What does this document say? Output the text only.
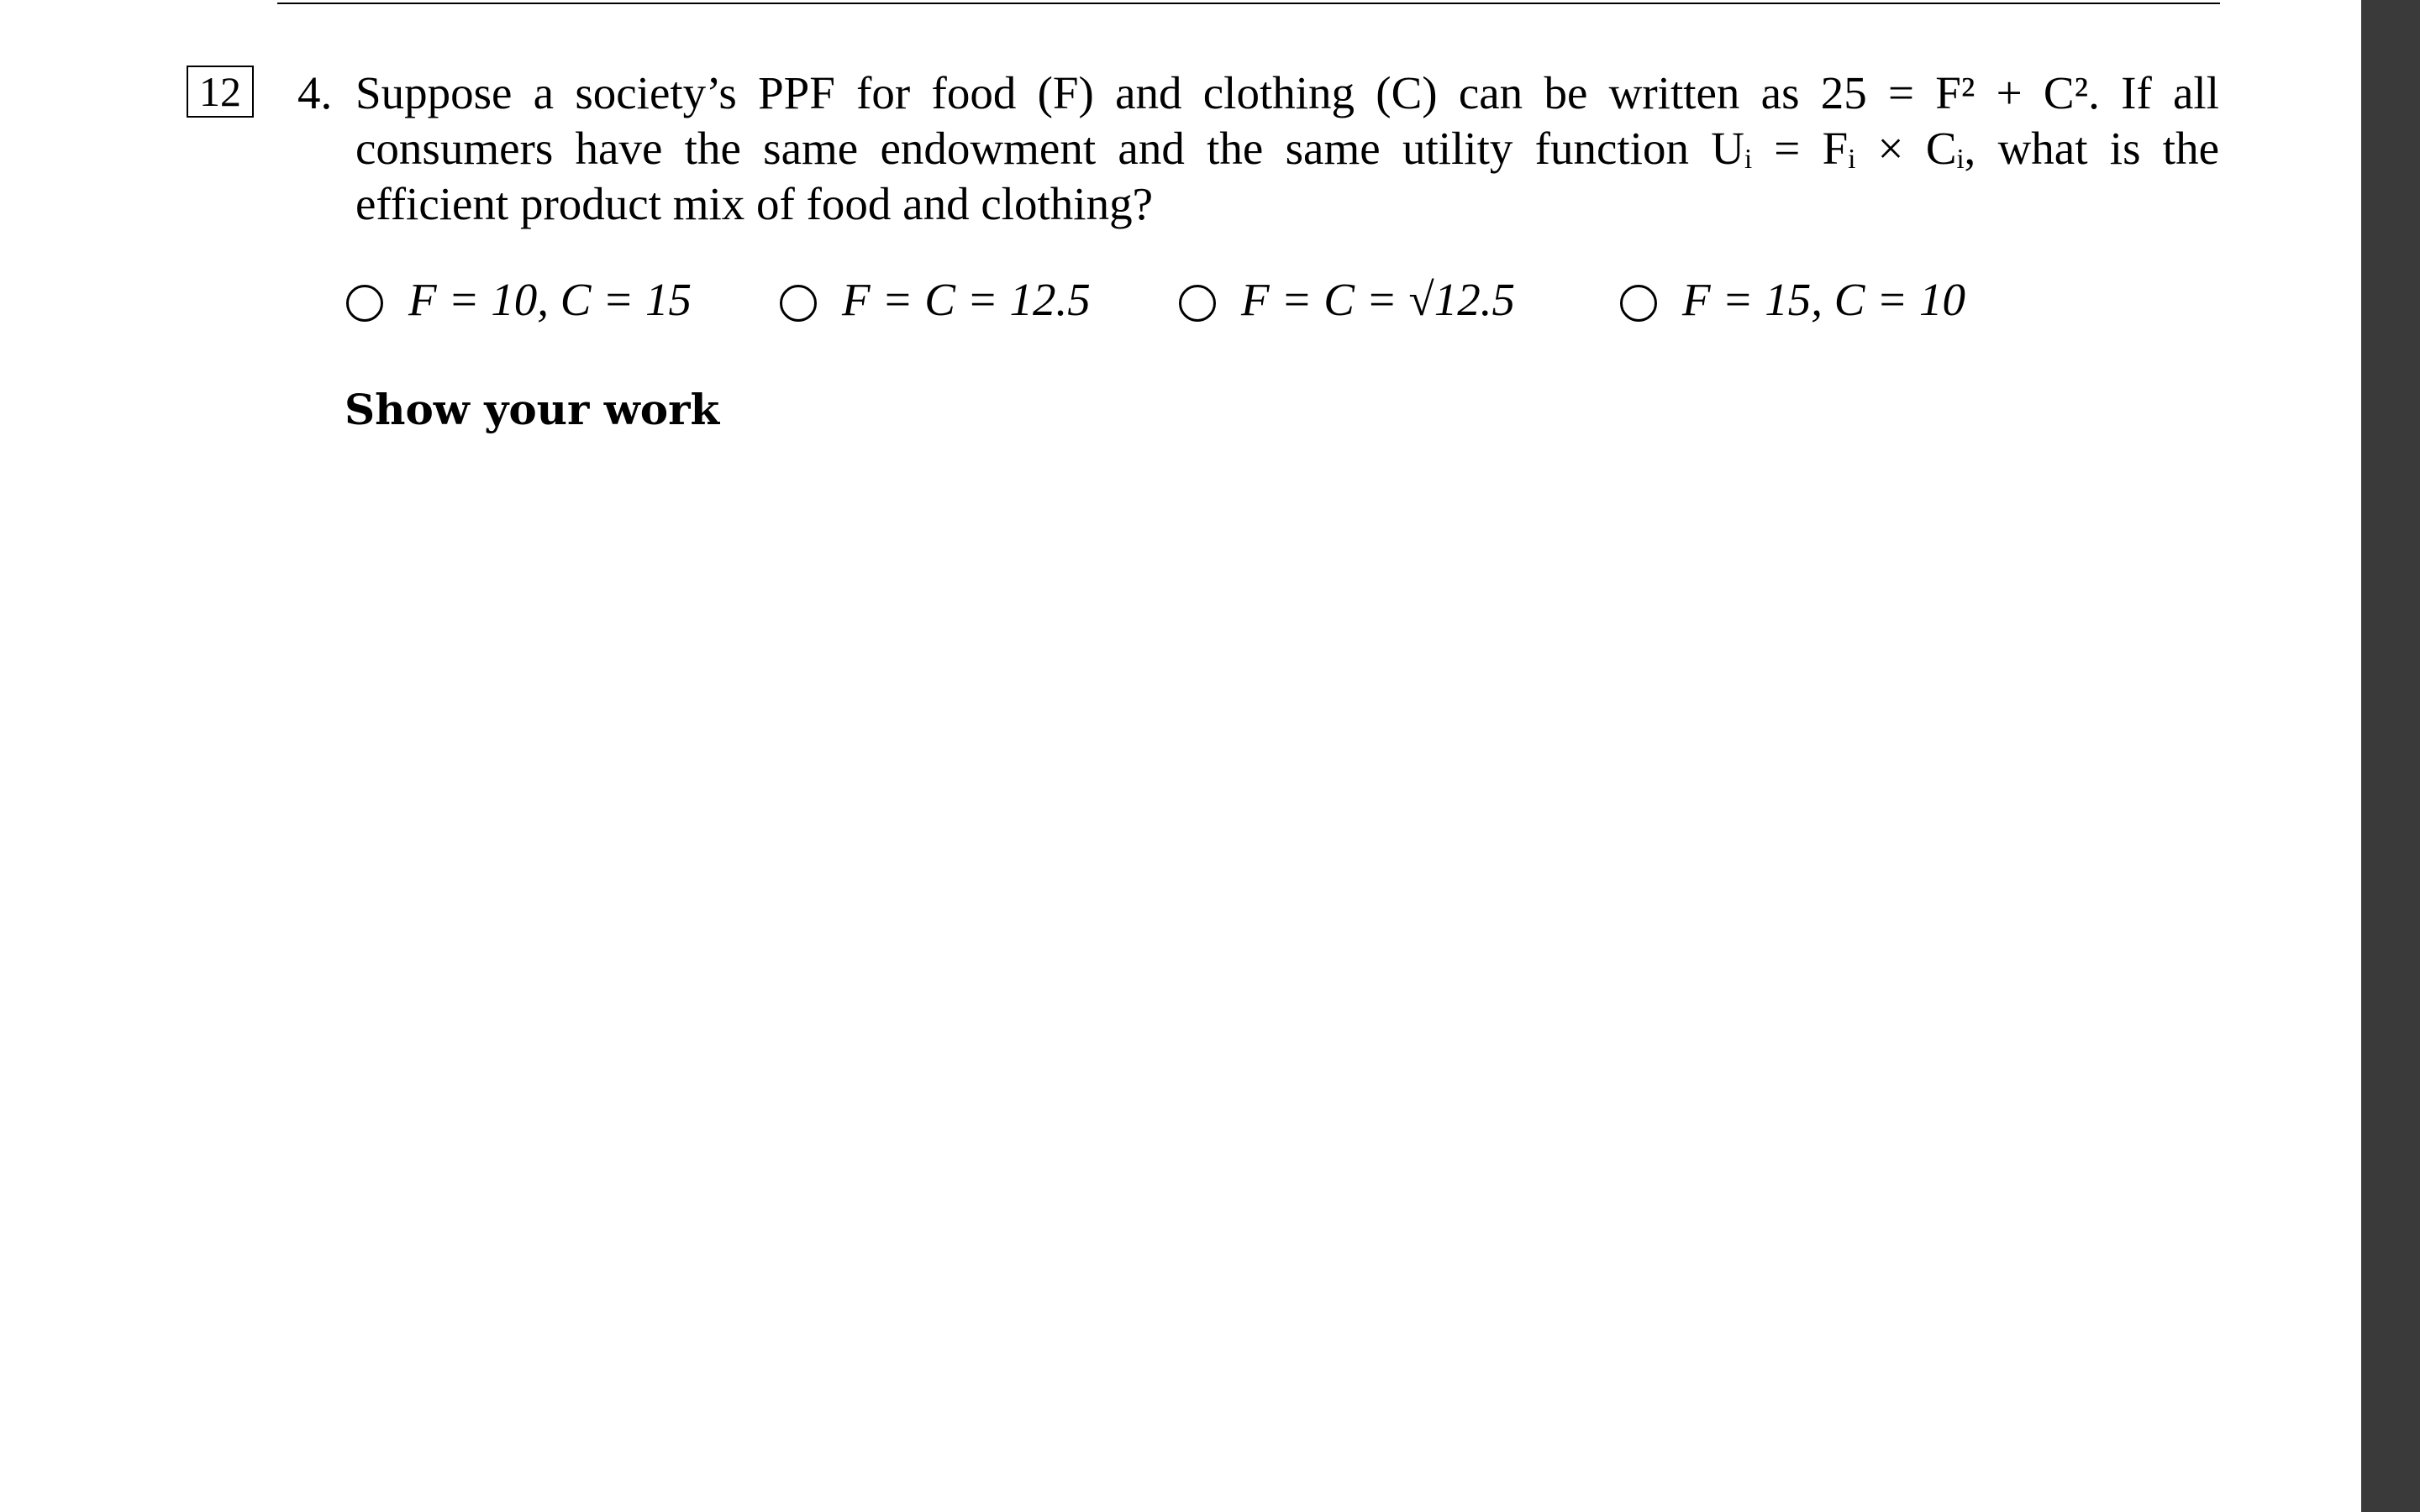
12 4. Suppose a society’s PPF for food (F) and clothing (C) can be written as 25 = F² + C². If all
consumers have the same endowment and the same utility function Uᵢ = Fᵢ × Cᵢ, what is the
efficient product mix of food and clothing?
F = 10, C = 15	F = C = 12.5	F = C = √12.5	F = 15, C = 10
Show your work
